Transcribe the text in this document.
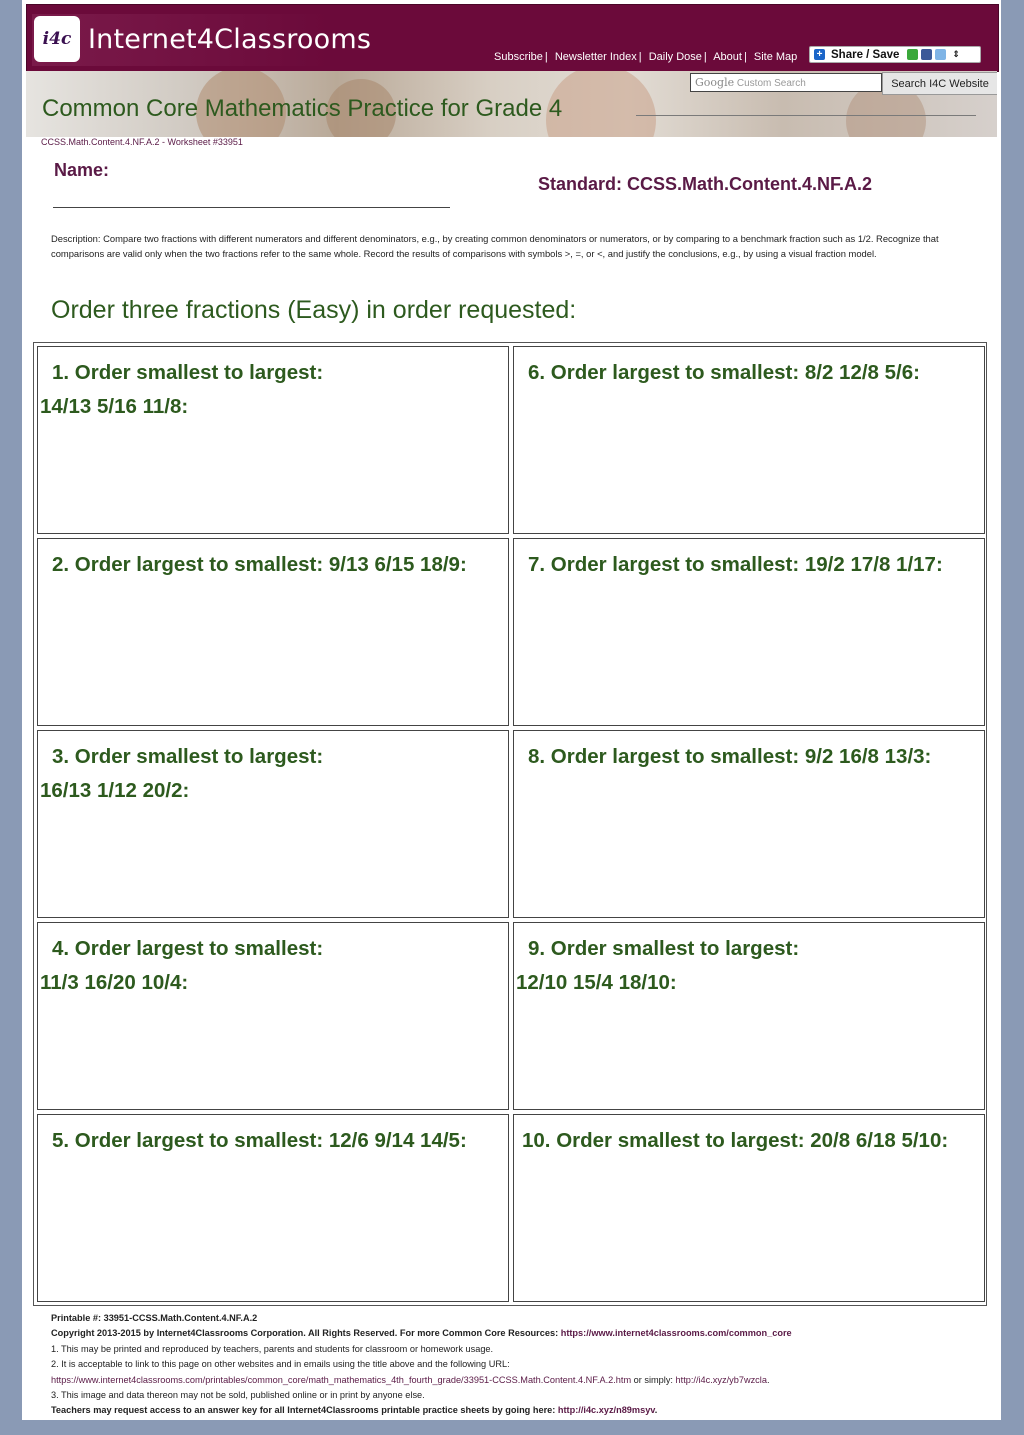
i4c Internet4Classrooms
Subscribe | Newsletter Index | Daily Dose | About | Site Map + Share / Save	⇕
Common Core Mathematics Practice for Grade 4
Google Custom Search	Search I4C Website
CCSS.Math.Content.4.NF.A.2 - Worksheet #33951
Name:
Standard: CCSS.Math.Content.4.NF.A.2
Description: Compare two fractions with different numerators and different denominators, e.g., by creating common denominators or numerators, or by comparing to a benchmark fraction such as 1/2. Recognize that comparisons are valid only when the two fractions refer to the same whole. Record the results of comparisons with symbols >, =, or <, and justify the conclusions, e.g., by using a visual fraction model.
Order three fractions (Easy) in order requested:
1. Order smallest to largest:
14/13 5/16 11/8:
6. Order largest to smallest: 8/2 12/8 5/6:
2. Order largest to smallest: 9/13 6/15 18/9:	7. Order largest to smallest: 19/2 17/8 1/17:
3. Order smallest to largest:
16/13 1/12 20/2:
8. Order largest to smallest: 9/2 16/8 13/3:
4. Order largest to smallest:
11/3 16/20 10/4:
9. Order smallest to largest:
12/10 15/4 18/10:
5. Order largest to smallest: 12/6 9/14 14/5:	10. Order smallest to largest: 20/8 6/18 5/10:
Printable #: 33951-CCSS.Math.Content.4.NF.A.2
Copyright 2013-2015 by Internet4Classrooms Corporation. All Rights Reserved. For more Common Core Resources: https://www.internet4classrooms.com/common_core
1. This may be printed and reproduced by teachers, parents and students for classroom or homework usage.
2. It is acceptable to link to this page on other websites and in emails using the title above and the following URL:
https://www.internet4classrooms.com/printables/common_core/math_mathematics_4th_fourth_grade/33951-CCSS.Math.Content.4.NF.A.2.htm or simply: http://i4c.xyz/yb7wzcla.
3. This image and data thereon may not be sold, published online or in print by anyone else.
Teachers may request access to an answer key for all Internet4Classrooms printable practice sheets by going here: http://i4c.xyz/n89msyv.
